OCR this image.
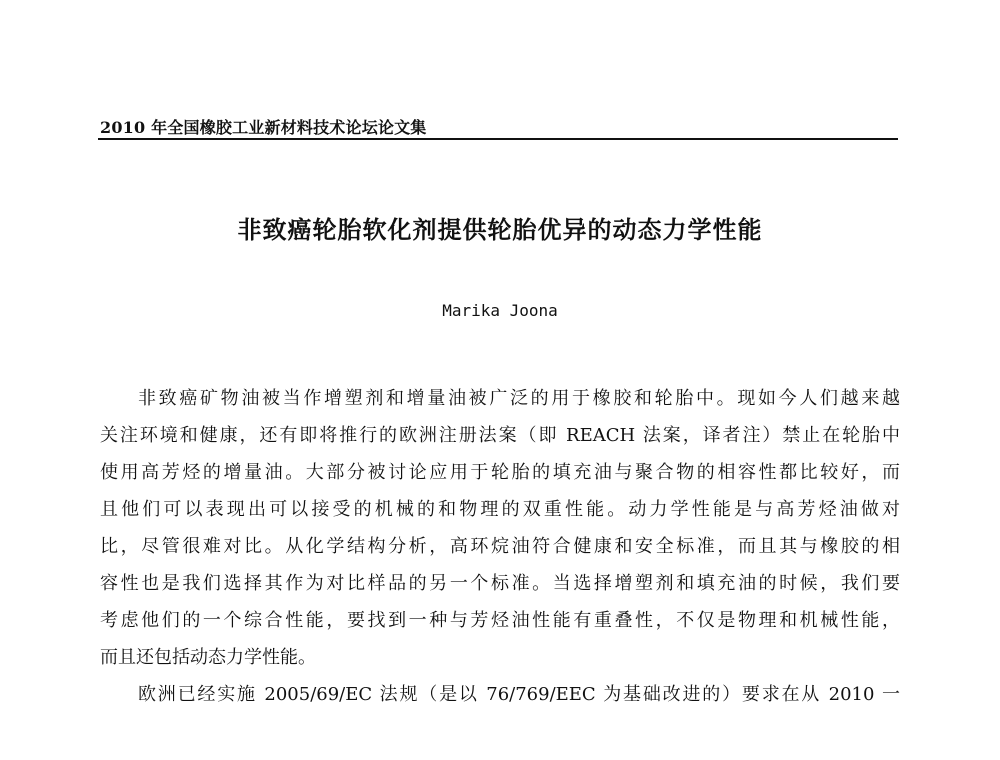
2010 年全国橡胶工业新材料技术论坛论文集
非致癌轮胎软化剂提供轮胎优异的动态力学性能
Marika Joona
非致癌矿物油被当作增塑剂和增量油被广泛的用于橡胶和轮胎中。现如今人们越来越
关注环境和健康，还有即将推行的欧洲注册法案（即 REACH 法案，译者注）禁止在轮胎中
使用高芳烃的增量油。大部分被讨论应用于轮胎的填充油与聚合物的相容性都比较好，而
且他们可以表现出可以接受的机械的和物理的双重性能。动力学性能是与高芳烃油做对
比，尽管很难对比。从化学结构分析，高环烷油符合健康和安全标准，而且其与橡胶的相
容性也是我们选择其作为对比样品的另一个标准。当选择增塑剂和填充油的时候，我们要
考虑他们的一个综合性能，要找到一种与芳烃油性能有重叠性，不仅是物理和机械性能，
而且还包括动态力学性能。
欧洲已经实施 2005/69/EC 法规（是以 76/769/EEC 为基础改进的）要求在从 2010 一
